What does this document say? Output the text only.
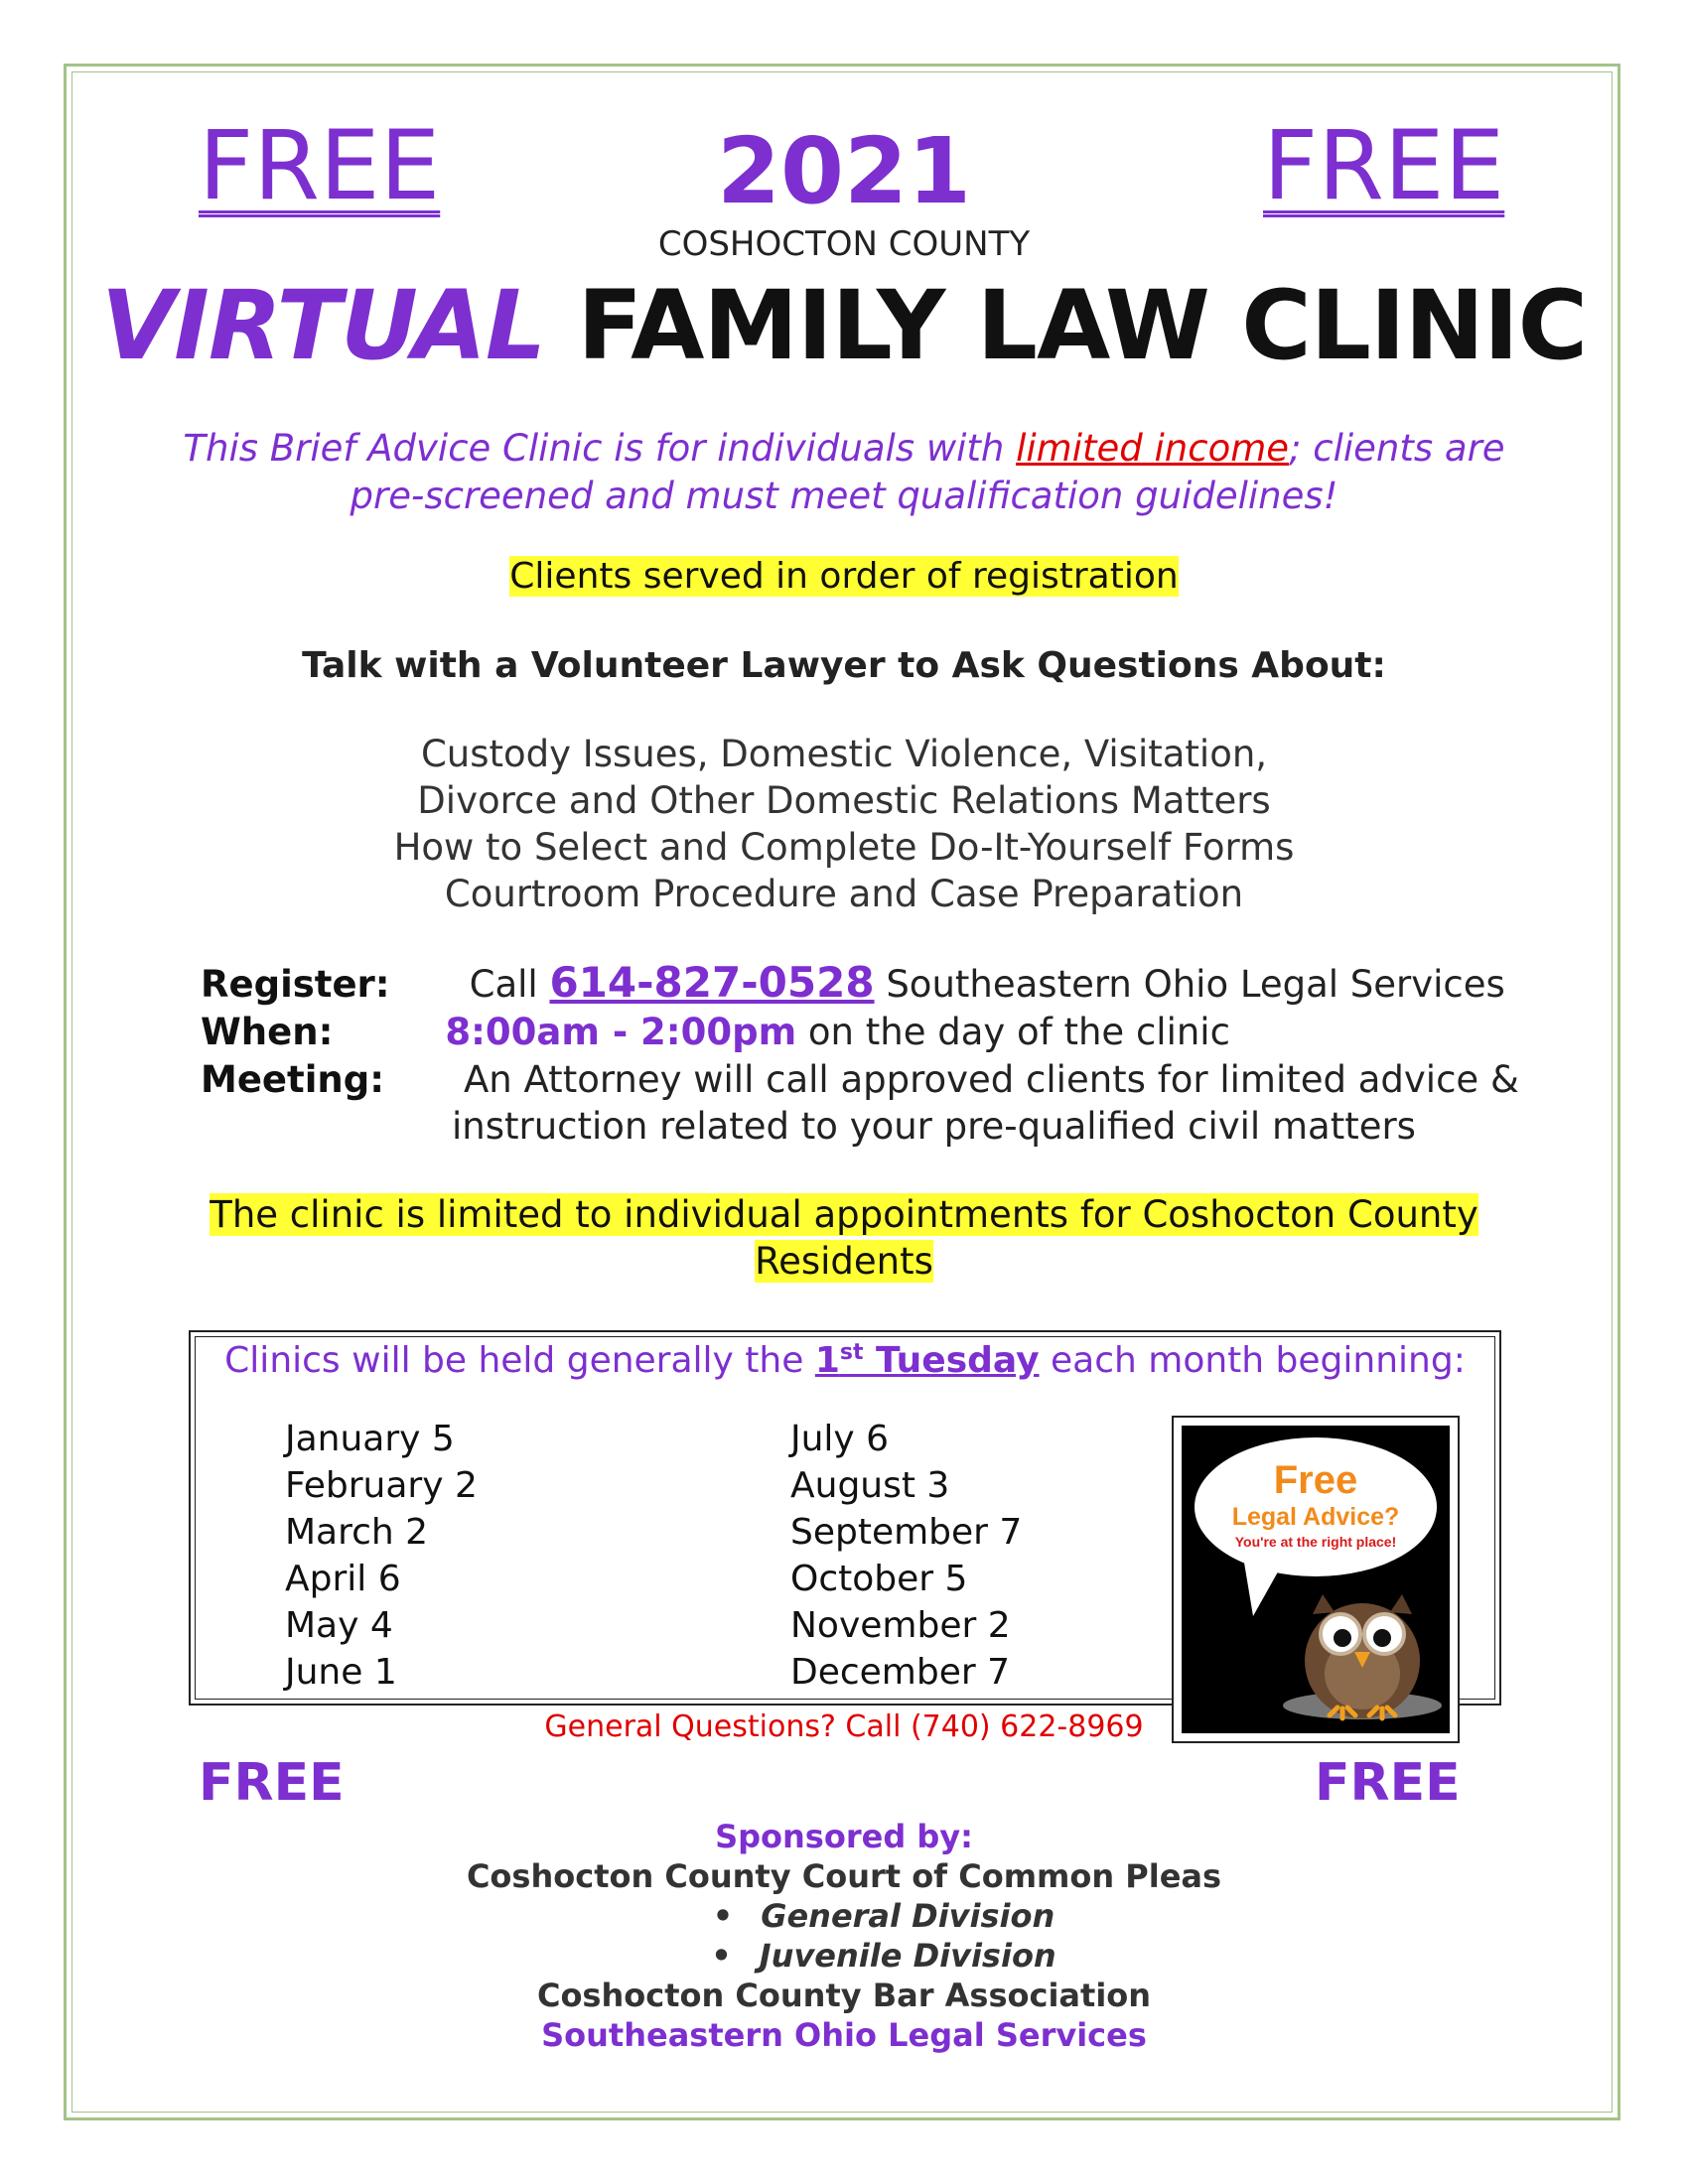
FREE	2021	FREE
COSHOCTON COUNTY
VIRTUAL FAMILY LAW CLINIC
This Brief Advice Clinic is for individuals with limited income; clients are
pre-screened and must meet qualification guidelines!
Clients served in order of registration
Talk with a Volunteer Lawyer to Ask Questions About:
Custody Issues, Domestic Violence, Visitation,
Divorce and Other Domestic Relations Matters
How to Select and Complete Do-It-Yourself Forms
Courtroom Procedure and Case Preparation
Register: Call 614-827-0528 Southeastern Ohio Legal Services
When:	8:00am - 2:00pm on the day of the clinic
Meeting: An Attorney will call approved clients for limited advice &
instruction related to your pre-qualified civil matters
The clinic is limited to individual appointments for Coshocton County
Residents
Clinics will be held generally the 1st Tuesday each month beginning:
January 5
February 2
March 2
April 6
May 4
June 1
July 6
August 3
September 7
October 5
November 2
December 7
Free
Legal Advice?
You're at the right place!
General Questions? Call (740) 622-8969
FREE	FREE
Sponsored by:
Coshocton County Court of Common Pleas
• General Division
• Juvenile Division
Coshocton County Bar Association
Southeastern Ohio Legal Services
